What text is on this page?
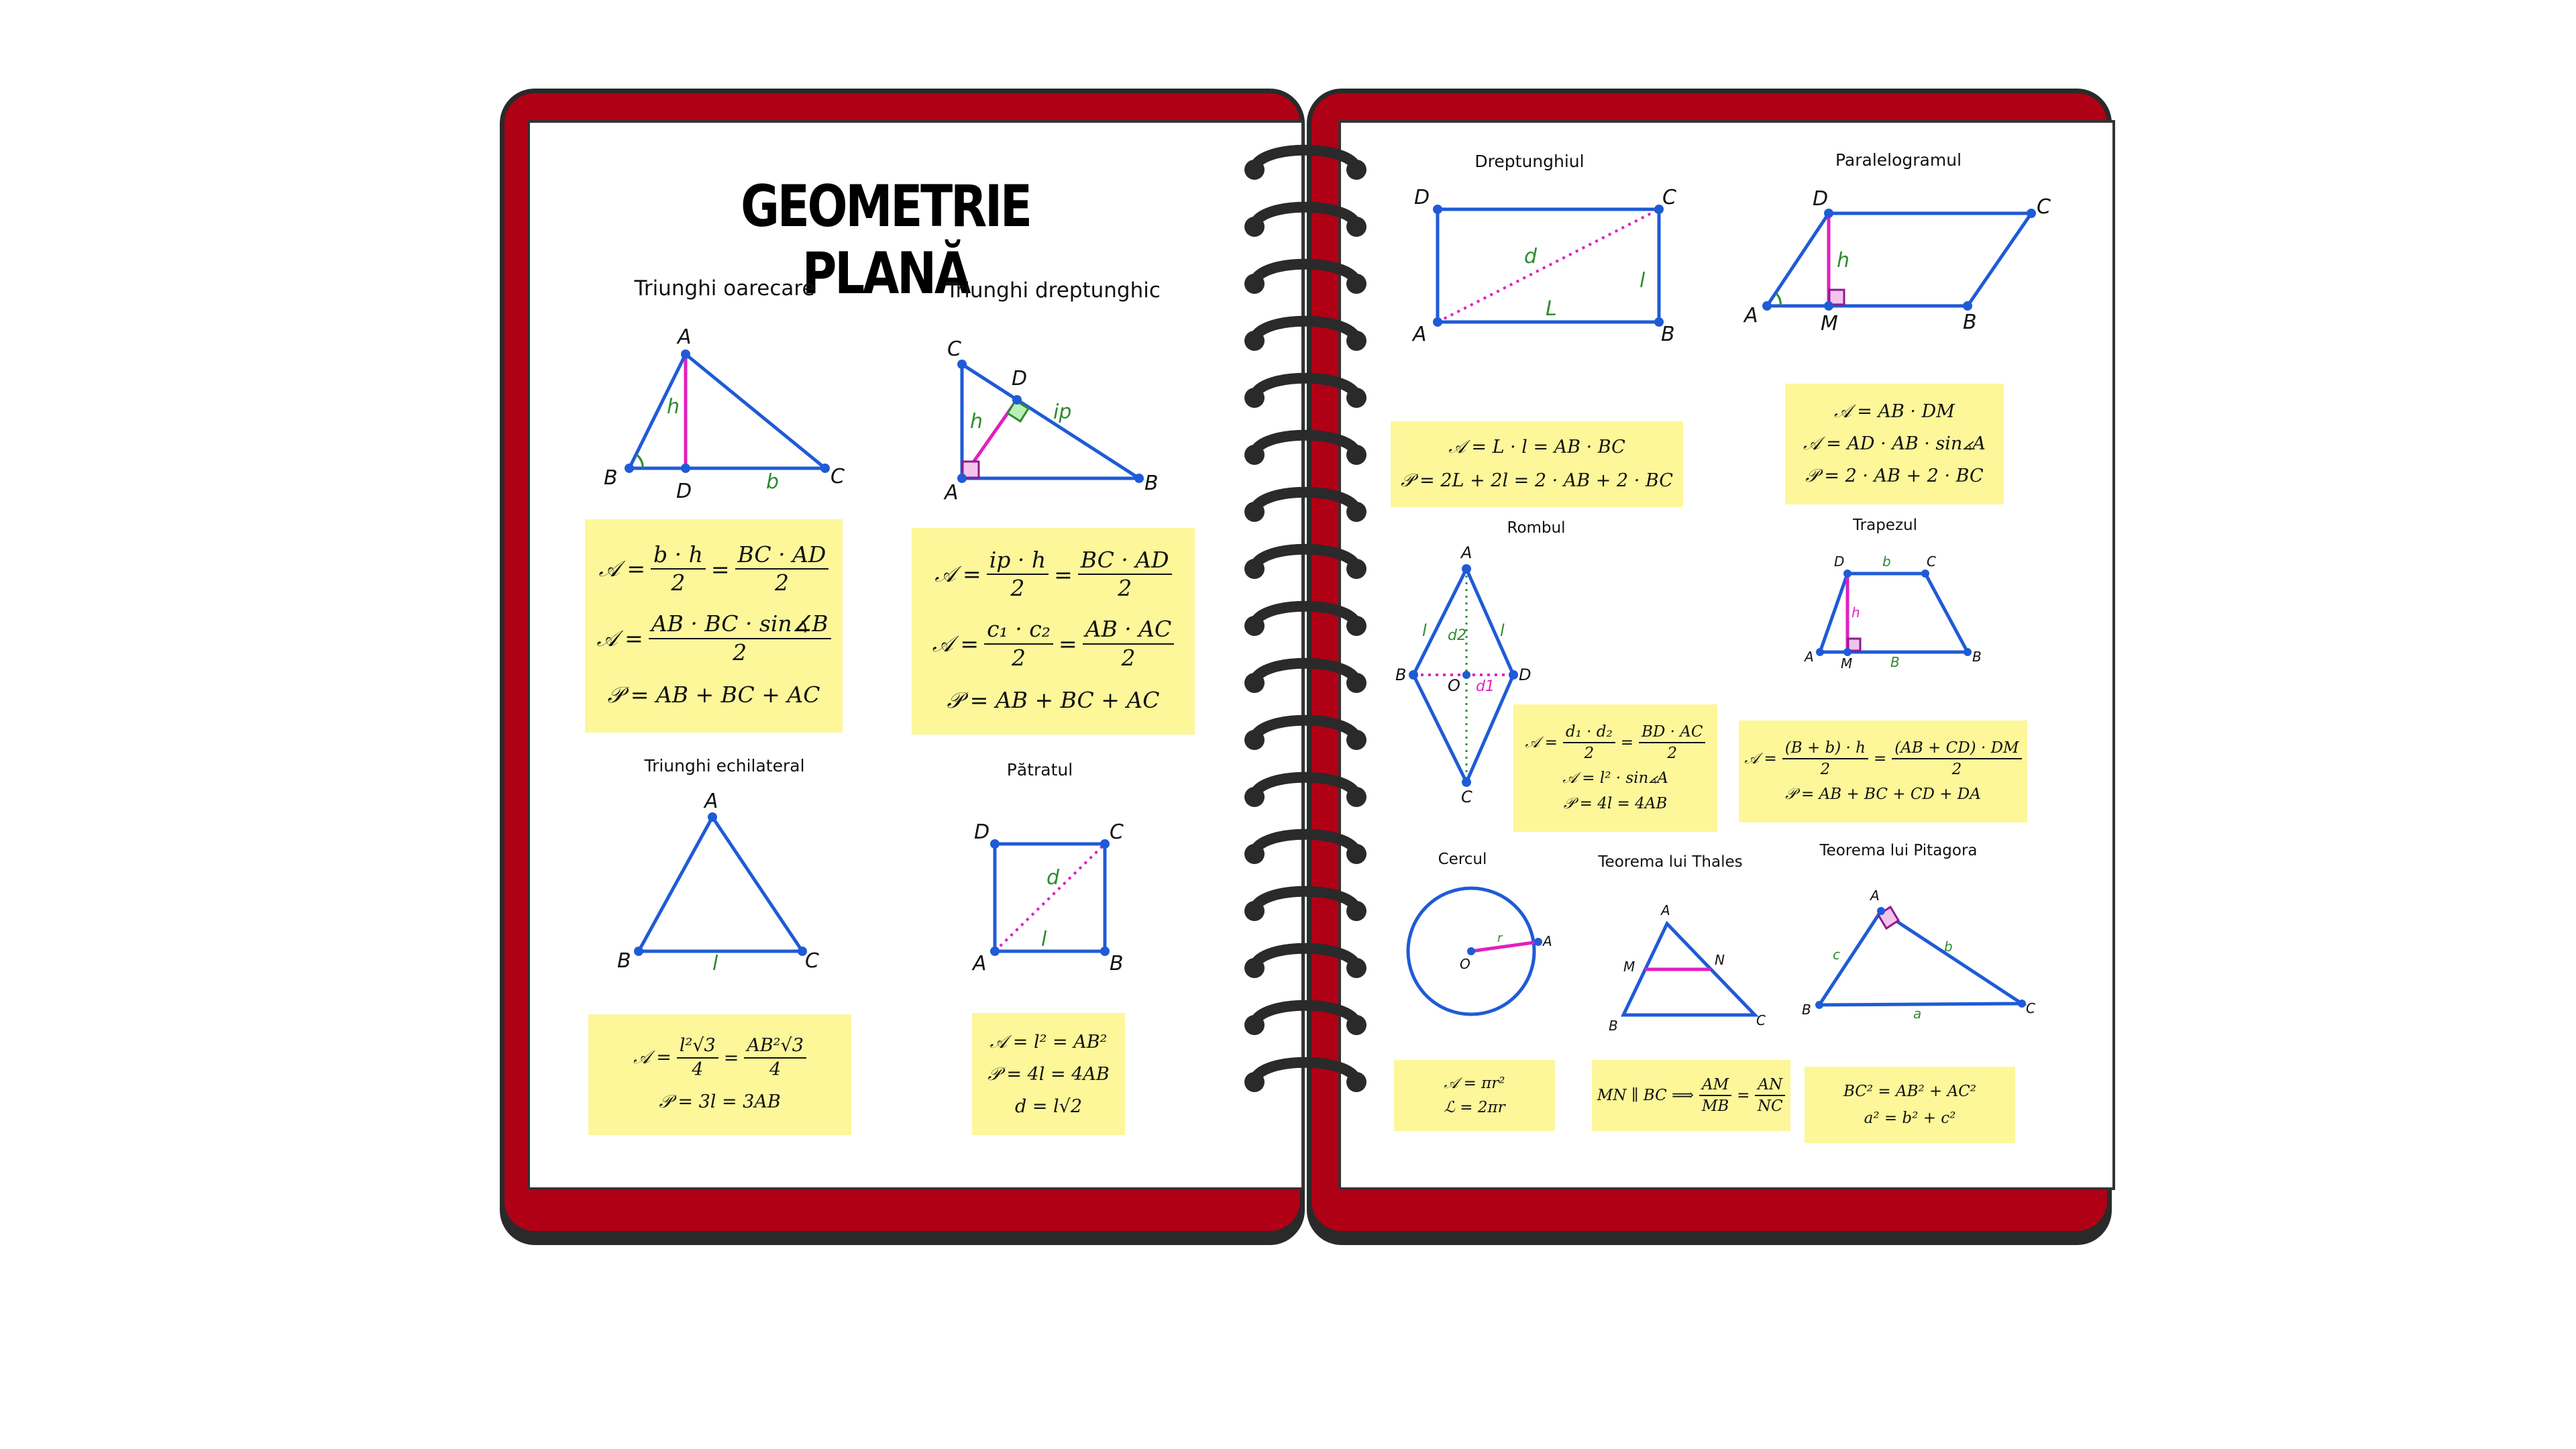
GEOMETRIE PLANĂ
Triunghi oarecare	Triunghi dreptunghic
Triunghi echilateral	Pătratul
Dreptunghiul	Paralelogramul
Rombul	Trapezul
Cercul	Teorema lui Thales
Teorema lui Pitagora
A
B	C
D
h
b
C
A	B
D
h	ip
A
B	C
l
D	C
A	B
d
l
D	C
A	B
d
l
L
D	C
A	B
M
h
A
B
C
D
O
l	l
d2
d1
D	C
A	B
M
b
B
h
O
A
r
A
B	C
M	N
A
B	C
a
b
c
𝒜 = $\frac{b \cdot h}{2} = \frac{BC \cdot AD}{2}$
𝒜 = $\frac{AB \cdot BC \cdot \sin∡B}{2}$
𝒫 = AB + BC + AC
𝒜 = $\frac{ip \cdot h}{2} = \frac{BC \cdot AD}{2}$
𝒜 = $\frac{\text{c₁ · c₂}}{2} = \frac{AB \cdot AC}{2}$
𝒫 = AB + BC + AC
𝒜 = $\frac{\text{l²√3}}{4} = \frac{\text{AB²√3}}{4}$
𝒫 = 3l = 3AB
𝒜 = l² = AB²
𝒫 = 4l = 4AB
d = l√2
𝒜 = L · l = AB · BC
𝒫 = 2L + 2l = 2 · AB + 2 · BC
𝒜 = AB · DM
𝒜 = AD · AB · sin∡A
𝒫 = 2 · AB + 2 · BC
𝒜 = $\frac{\text{d₁ · d₂}}{2} = \frac{BD \cdot AC}{2}$
𝒜 = l² · sin∡A
𝒫 = 4l = 4AB
𝒜 = $\frac{(B + b) \cdot h}{2} = \frac{(AB + CD) \cdot DM}{2}$
𝒫 = AB + BC + CD + DA
𝒜 = πr²
ℒ = 2πr
MN ∥ BC ⟹ $\frac{AM}{MB} = \frac{AN}{NC}$	BC² = AB² + AC²
a² = b² + c²
